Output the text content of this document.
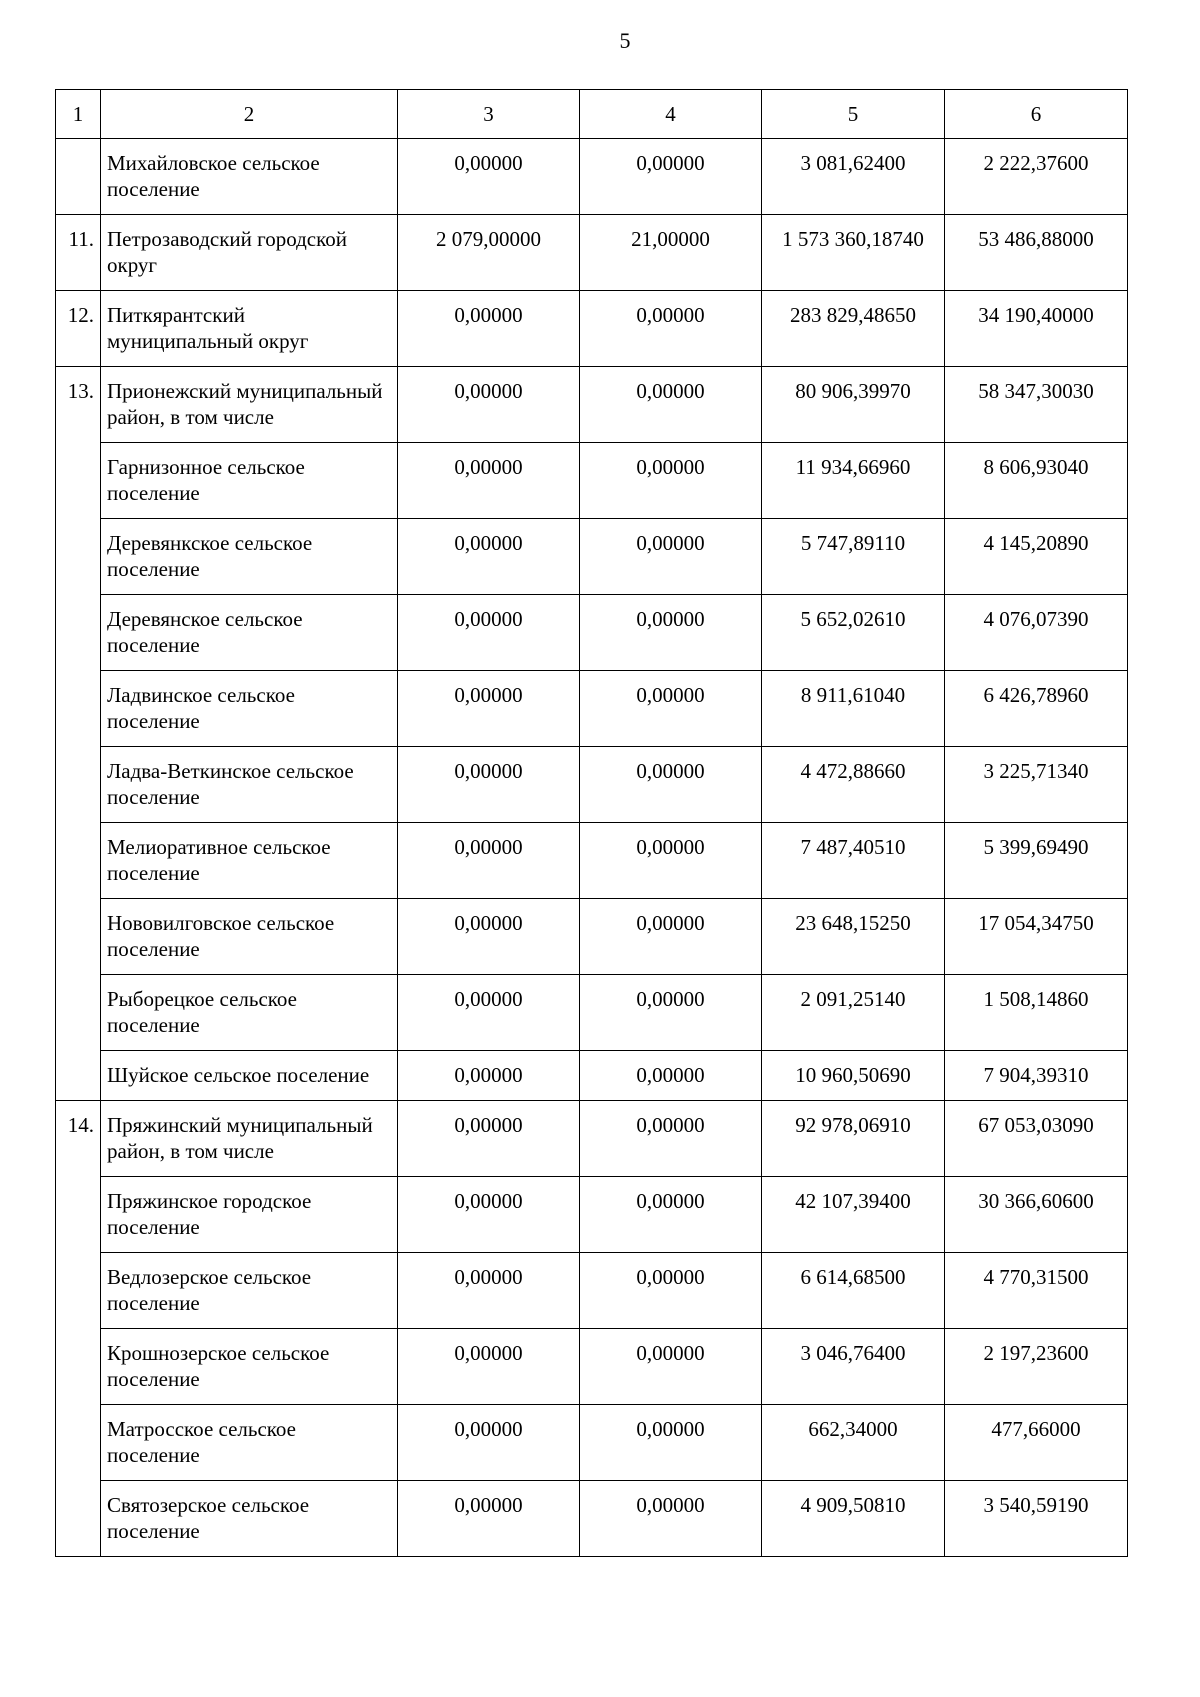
5
1	2	3	4	5	6
	Михайловское сельское поселение	0,00000	0,00000	3 081,62400	2 222,37600
11.	Петрозаводский городской округ	2 079,00000	21,00000	1 573 360,18740	53 486,88000
12.	Питкярантский муниципальный округ	0,00000	0,00000	283 829,48650	34 190,40000
13.	Прионежский муниципальный район, в том числе	0,00000	0,00000	80 906,39970	58 347,30030
	Гарнизонное сельское поселение	0,00000	0,00000	11 934,66960	8 606,93040
	Деревянкское сельское поселение	0,00000	0,00000	5 747,89110	4 145,20890
	Деревянское сельское поселение	0,00000	0,00000	5 652,02610	4 076,07390
	Ладвинское сельское поселение	0,00000	0,00000	8 911,61040	6 426,78960
	Ладва-Веткинское сельское поселение	0,00000	0,00000	4 472,88660	3 225,71340
	Мелиоративное сельское поселение	0,00000	0,00000	7 487,40510	5 399,69490
	Нововилговское сельское поселение	0,00000	0,00000	23 648,15250	17 054,34750
	Рыборецкое сельское поселение	0,00000	0,00000	2 091,25140	1 508,14860
	Шуйское сельское поселение	0,00000	0,00000	10 960,50690	7 904,39310
14.	Пряжинский муниципальный район, в том числе	0,00000	0,00000	92 978,06910	67 053,03090
	Пряжинское городское поселение	0,00000	0,00000	42 107,39400	30 366,60600
	Ведлозерское сельское поселение	0,00000	0,00000	6 614,68500	4 770,31500
	Крошнозерское сельское поселение	0,00000	0,00000	3 046,76400	2 197,23600
	Матросское сельское поселение	0,00000	0,00000	662,34000	477,66000
	Святозерское сельское поселение	0,00000	0,00000	4 909,50810	3 540,59190
